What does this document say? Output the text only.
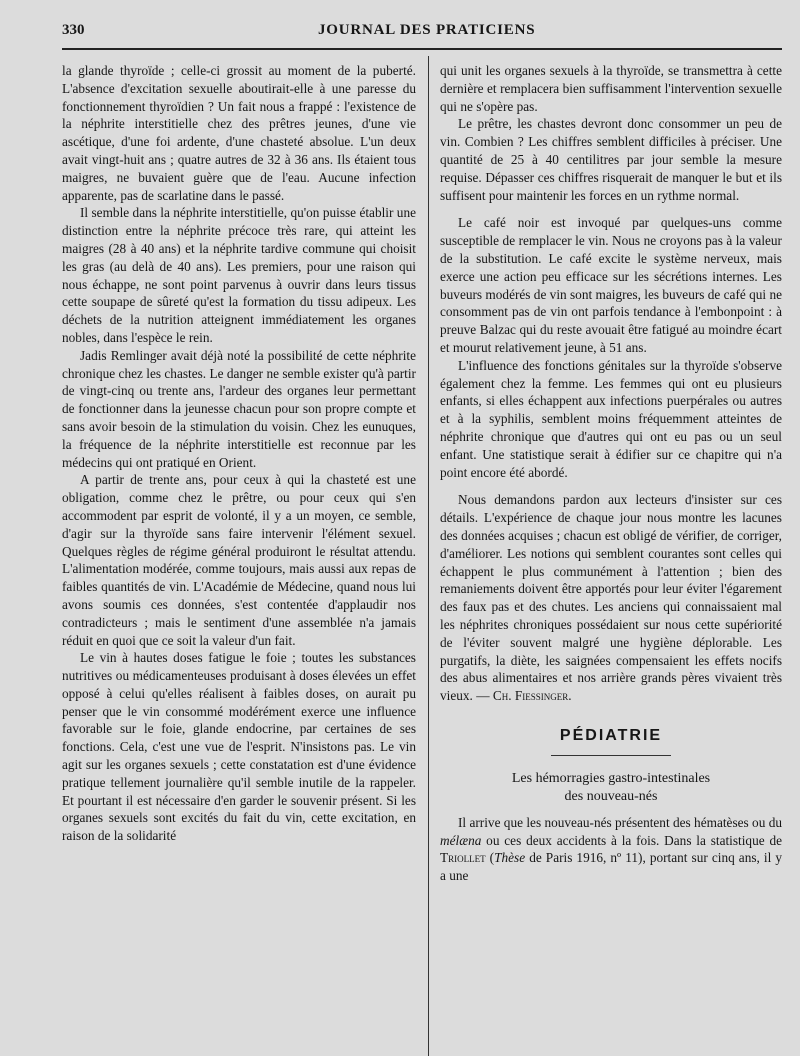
330	JOURNAL DES PRATICIENS

la glande thyroïde ; celle-ci grossit au moment de la puberté. L'absence d'excitation sexuelle aboutirait-elle à une paresse du fonctionnement thyroïdien ? Un fait nous a frappé : l'existence de la néphrite interstitielle chez des prêtres jeunes, d'une vie ascétique, d'une foi ardente, d'une chasteté absolue. L'un deux avait vingt-huit ans ; quatre autres de 32 à 36 ans. Ils étaient tous maigres, ne buvaient guère que de l'eau. Aucune infection apparente, pas de scarlatine dans le passé.

Il semble dans la néphrite interstitielle, qu'on puisse établir une distinction entre la néphrite précoce très rare, qui atteint les maigres (28 à 40 ans) et la néphrite tardive commune qui choisit les gras (au delà de 40 ans). Les premiers, pour une raison qui nous échappe, ne sont point parvenus à ouvrir dans leurs tissus cette soupape de sûreté qu'est la formation du tissu adipeux. Les déchets de la nutrition atteignent immédiatement les organes nobles, dans l'espèce le rein.

Jadis Remlinger avait déjà noté la possibilité de cette néphrite chronique chez les chastes. Le danger ne semble exister qu'à partir de vingt-cinq ou trente ans, l'ardeur des organes leur permettant de fonctionner dans la jeunesse chacun pour son propre compte et sans avoir besoin de la stimulation du voisin. Chez les eunuques, la fréquence de la néphrite interstitielle est reconnue par les médecins qui ont pratiqué en Orient.

A partir de trente ans, pour ceux à qui la chasteté est une obligation, comme chez le prêtre, ou pour ceux qui s'en accommodent par esprit de volonté, il y a un moyen, ce semble, d'agir sur la thyroïde sans faire intervenir l'élément sexuel. Quelques règles de régime général produiront le résultat attendu. L'alimentation modérée, comme toujours, mais aussi aux repas de faibles quantités de vin. L'Académie de Médecine, quand nous lui avons soumis ces données, s'est contentée d'applaudir nos contradicteurs ; mais le sentiment d'une assemblée n'a jamais réduit en quoi que ce soit la valeur d'un fait.

Le vin à hautes doses fatigue le foie ; toutes les substances nutritives ou médicamenteuses produisant à doses élevées un effet opposé à celui qu'elles réalisent à faibles doses, on aurait pu penser que le vin consommé modérément exerce une influence favorable sur le foie, glande endocrine, par certaines de ses fonctions. Cela, c'est une vue de l'esprit. N'insistons pas. Le vin agit sur les organes sexuels ; cette constatation est d'une évidence pratique tellement journalière qu'il semble inutile de la rappeler. Et pourtant il est nécessaire d'en garder le souvenir présent. Si les organes sexuels sont excités du fait du vin, cette excitation, en raison de la solidarité

qui unit les organes sexuels à la thyroïde, se transmettra à cette dernière et remplacera bien suffisamment l'intervention sexuelle qui ne s'opère pas.

Le prêtre, les chastes devront donc consommer un peu de vin. Combien ? Les chiffres semblent difficiles à préciser. Une quantité de 25 à 40 centilitres par jour semble la mesure requise. Dépasser ces chiffres risquerait de manquer le but et ils suffisent pour maintenir les forces en un rythme normal.

Le café noir est invoqué par quelques-uns comme susceptible de remplacer le vin. Nous ne croyons pas à la valeur de la substitution. Le café excite le système nerveux, mais exerce une action peu efficace sur les sécrétions internes. Les buveurs modérés de vin sont maigres, les buveurs de café qui ne consomment pas de vin ont parfois tendance à l'embonpoint : à preuve Balzac qui du reste avouait être fatigué au moindre écart et mourut relativement jeune, à 51 ans.

L'influence des fonctions génitales sur la thyroïde s'observe également chez la femme. Les femmes qui ont eu plusieurs enfants, si elles échappent aux infections puerpérales ou autres et à la syphilis, semblent moins fréquemment atteintes de néphrite chronique que d'autres qui ont eu pas ou un seul enfant. Une statistique serait à édifier sur ce chapitre qui n'a point encore été abordé.

Nous demandons pardon aux lecteurs d'insister sur ces détails. L'expérience de chaque jour nous montre les lacunes des données acquises ; chacun est obligé de vérifier, de corriger, d'améliorer. Les notions qui semblent courantes sont celles qui échappent le plus communément à l'attention ; bien des remaniements doivent être apportés pour leur éviter l'égarement des faux pas et des chutes. Les anciens qui connaissaient mal les néphrites chroniques possédaient sur nous cette supériorité de l'éviter souvent malgré une hygiène déplorable. Les purgatifs, la diète, les saignées compensaient les effets nocifs des abus alimentaires et nos arrière grands pères vivaient très vieux. — Ch. Fiessinger.

PÉDIATRIE
Les hémorragies gastro-intestinales
des nouveau-nés

Il arrive que les nouveau-nés présentent des hématèses ou du mélæna ou ces deux accidents à la fois. Dans la statistique de Triollet (Thèse de Paris 1916, nº 11), portant sur cinq ans, il y a une
